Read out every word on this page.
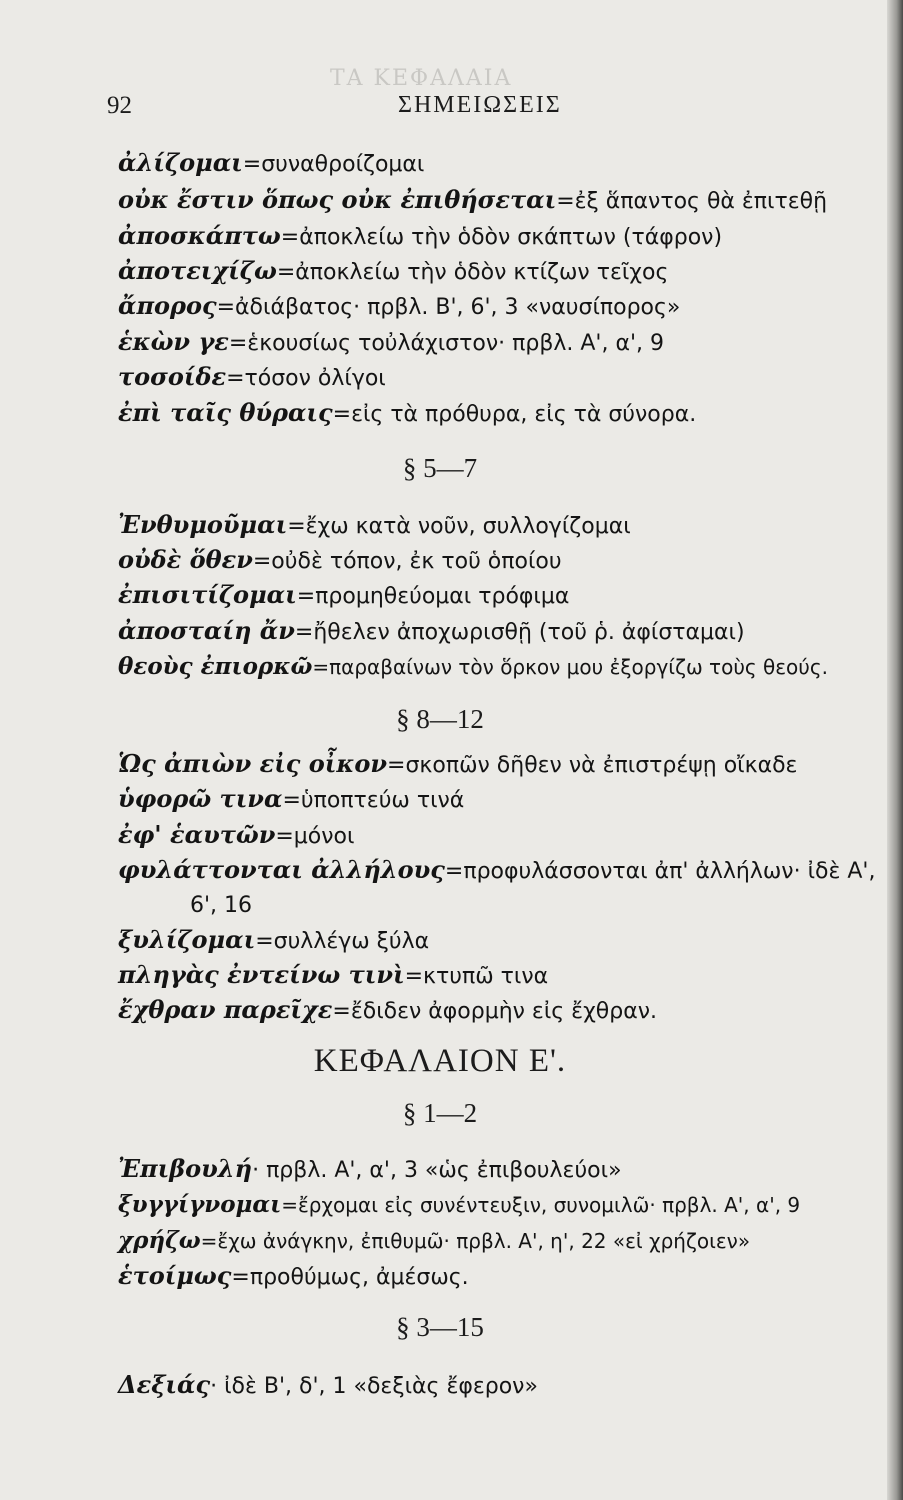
ΤΑ ΚΕΦΑΛΑΙΑ
92	ΣΗΜΕΙΩΣΕΙΣ
ἀλίζομαι=συναθροίζομαι
οὐκ ἔστιν ὅπως οὐκ ἐπιθήσεται=ἐξ ἅπαντος θὰ ἐπιτεθῇ
ἀποσκάπτω=ἀποκλείω τὴν ὁδὸν σκάπτων (τάφρον)
ἀποτειχίζω=ἀποκλείω τὴν ὁδὸν κτίζων τεῖχος
ἄπορος=ἀδιάβατος· πρβλ. Β', 6', 3 «ναυσίπορος»
ἑκὼν γε=ἑκουσίως τοὐλάχιστον· πρβλ. Α', α', 9
τοσοίδε=τόσον ὀλίγοι
ἐπὶ ταῖς θύραις=εἰς τὰ πρόθυρα, εἰς τὰ σύνορα.
§ 5—7
Ἐνθυμοῦμαι=ἔχω κατὰ νοῦν, συλλογίζομαι
οὐδὲ ὅθεν=οὐδὲ τόπον, ἐκ τοῦ ὁποίου
ἐπισιτίζομαι=προμηθεύομαι τρόφιμα
ἀποσταίη ἄν=ἤθελεν ἀποχωρισθῇ (τοῦ ῥ. ἀφίσταμαι)
θεοὺς ἐπιορκῶ=παραβαίνων τὸν ὅρκον μου ἐξοργίζω τοὺς θεούς.
§ 8—12
Ὡς ἀπιὼν εἰς οἶκον=σκοπῶν δῆθεν νὰ ἐπιστρέψῃ οἴκαδε
ὑφορῶ τινα=ὑποπτεύω τινά
ἐφ' ἑαυτῶν=μόνοι
φυλάττονται ἀλλήλους=προφυλάσσονται ἀπ' ἀλλήλων· ἰδὲ Α',
6', 16
ξυλίζομαι=συλλέγω ξύλα
πληγὰς ἐντείνω τινὶ=κτυπῶ τινα
ἔχθραν παρεῖχε=ἔδιδεν ἀφορμὴν εἰς ἔχθραν.
ΚΕΦΑΛΑΙΟΝ Ε'.
§ 1—2
Ἐπιβουλή· πρβλ. Α', α', 3 «ὡς ἐπιβουλεύοι»
ξυγγίγνομαι=ἔρχομαι εἰς συνέντευξιν, συνομιλῶ· πρβλ. Α', α', 9
χρήζω=ἔχω ἀνάγκην, ἐπιθυμῶ· πρβλ. Α', η', 22 «εἰ χρήζοιεν»
ἑτοίμως=προθύμως, ἀμέσως.
§ 3—15
Δεξιάς· ἰδὲ Β', δ', 1 «δεξιὰς ἔφερον»
